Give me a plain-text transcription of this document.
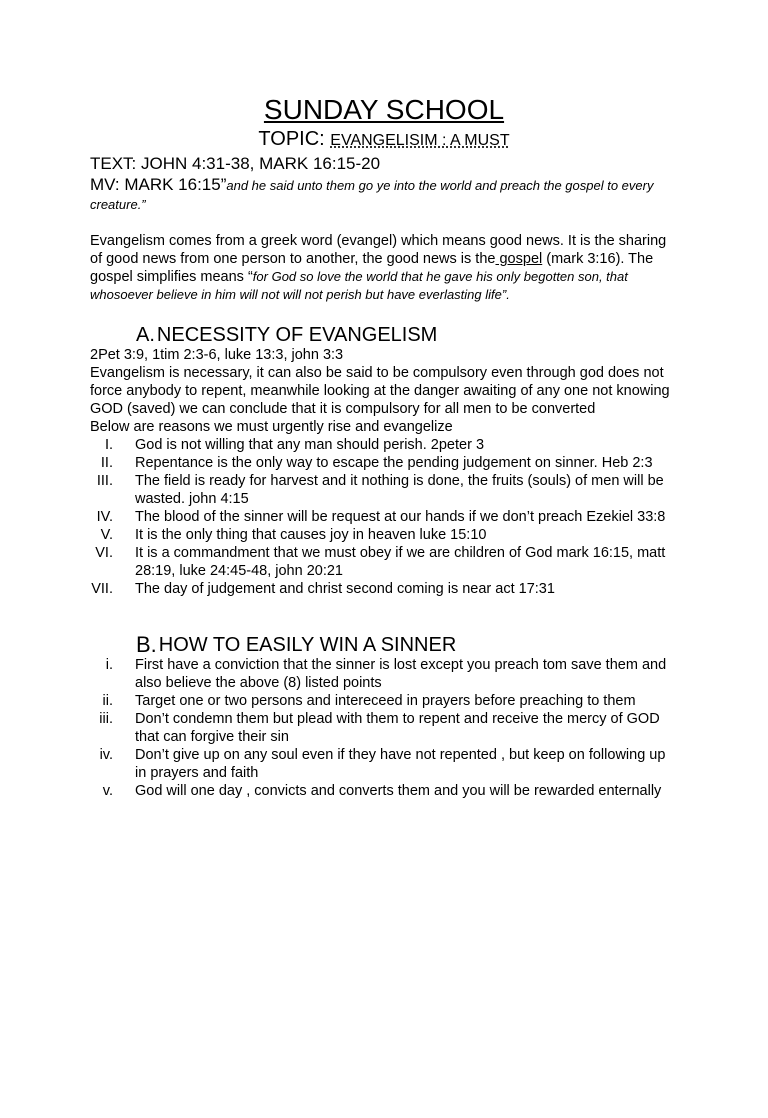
SUNDAY SCHOOL
TOPIC: EVANGELISIM : A MUST
TEXT: JOHN 4:31-38, MARK 16:15-20
MV: MARK 16:15”and he said unto them go ye into the world and preach the gospel to every creature.”
Evangelism comes from a greek word (evangel) which means good news. It is the sharing of good news from one person to another, the good news is the gospel (mark 3:16). The gospel simplifies means “for God so love the world that he gave his only begotten son, that whosoever believe in him will not will not perish but have everlasting life”.
A. NECESSITY OF EVANGELISM
2Pet 3:9, 1tim 2:3-6, luke 13:3, john 3:3
Evangelism is necessary, it can also be said to be compulsory even through god does not force anybody to repent, meanwhile looking at the danger awaiting of any one not knowing GOD (saved) we can conclude that it is compulsory for all men to be converted
Below are reasons we must urgently rise and evangelize
I.	God is not willing that any man should perish. 2peter 3
II.	Repentance is the only way to escape the pending judgement on sinner. Heb 2:3
III.	The field is ready for harvest and it nothing is done, the fruits (souls) of men will be wasted. john 4:15
IV.	The blood of the sinner will be request at our hands if we don’t preach Ezekiel 33:8
V.	It is the only thing that causes joy in heaven luke 15:10
VI.	It is a commandment that we must obey if we are children of God mark 16:15, matt 28:19, luke 24:45-48, john 20:21
VII.	The day of judgement and christ second coming is near act 17:31
B. HOW TO EASILY WIN A SINNER
i.	First have a conviction that the sinner is lost except you preach tom save them and also believe the above (8) listed points
ii.	Target one or two persons and intereceed in prayers before preaching to them
iii.	Don’t condemn them but plead with them to repent and receive the mercy of GOD that can forgive their sin
iv.	Don’t give up on any soul even if they have not repented , but keep on following up in prayers and faith
v.	God will one day , convicts and converts them and you will be rewarded enternally
